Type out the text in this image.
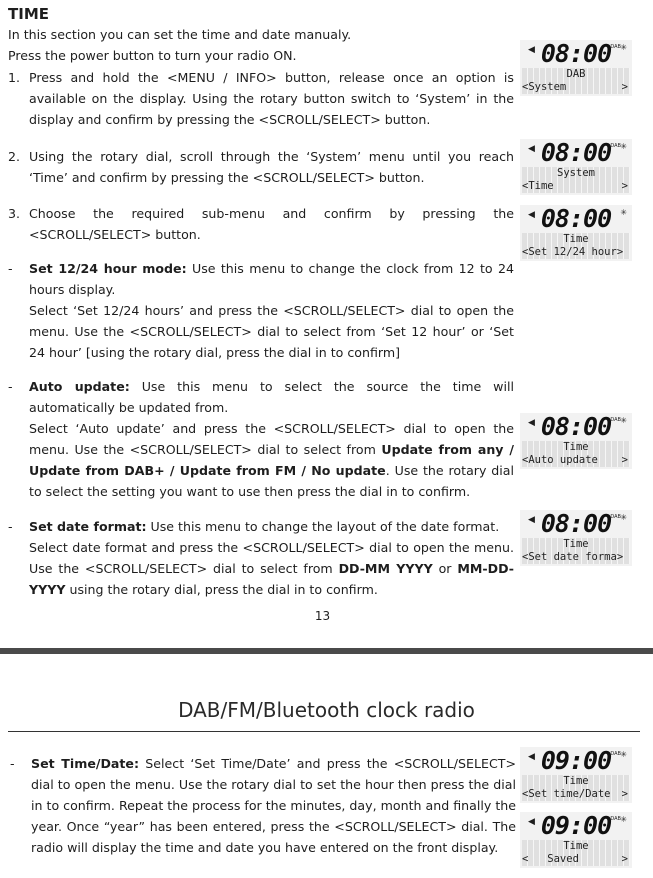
TIME
In this section you can set the time and date manualy.
Press the power button to turn your radio ON.
1. Press and hold the <MENU / INFO> button, release once an option is available on the display. Using the rotary button switch to ‘System’ in the display and confirm by pressing the <SCROLL/SELECT> button.
2. Using the rotary dial, scroll through the ‘System’ menu until you reach ‘Time’ and confirm by pressing the <SCROLL/SELECT> button.
3. Choose the required sub-menu and confirm by pressing the <SCROLL/SELECT> button.
- Set 12/24 hour mode: Use this menu to change the clock from 12 to 24 hours display.
Select ‘Set 12/24 hours’ and press the <SCROLL/SELECT> dial to open the menu. Use the <SCROLL/SELECT> dial to select from ‘Set 12 hour’ or ‘Set 24 hour’ [using the rotary dial, press the dial in to confirm]
- Auto update: Use this menu to select the source the time will automatically be updated from.
Select ‘Auto update’ and press the <SCROLL/SELECT> dial to open the menu. Use the <SCROLL/SELECT> dial to select from Update from any / Update from DAB+ / Update from FM / No update. Use the rotary dial to select the setting you want to use then press the dial in to confirm.
- Set date format: Use this menu to change the layout of the date format.
Select date format and press the <SCROLL/SELECT> dial to open the menu. Use the <SCROLL/SELECT> dial to select from DD-MM YYYY or MM-DD-YYYY using the rotary dial, press the dial in to confirm.
13
DAB/FM/Bluetooth clock radio
- Set Time/Date: Select ‘Set Time/Date’ and press the <SCROLL/SELECT> dial to open the menu. Use the rotary dial to set the hour then press the dial in to confirm. Repeat the process for the minutes, day, month and finally the year. Once “year” has been entered, press the <SCROLL/SELECT> dial. The radio will display the time and date you have entered on the front display.
◀ 08:00 DAB ✳
DAB
<System	>
◀ 08:00 DAB ✳
System
<Time	>
◀ 08:00	✳
Time
<Set 12/24 hour>
◀ 08:00 DAB ✳
Time
<Auto update >
◀ 08:00 DAB ✳
Time
<Set date forma>
◀ 09:00 DAB ✳
Time
<Set time/Date >
◀ 09:00 DAB ✳
Time
<   Saved	>
